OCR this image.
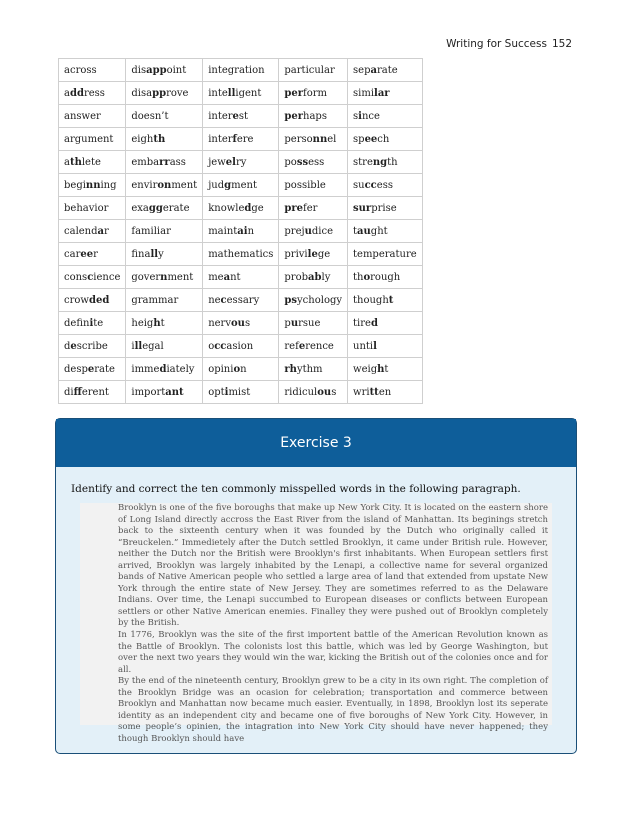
Writing for Success 152
across	disappoint	integration	particular	separate
address	disapprove	intelligent	perform	similar
answer	doesn’t	interest	perhaps	since
argument	eighth	interfere	personnel	speech
athlete	embarrass	jewelry	possess	strength
beginning	environment	judgment	possible	success
behavior	exaggerate	knowledge	prefer	surprise
calendar	familiar	maintain	prejudice	taught
career	finally	mathematics	privilege	temperature
conscience	government	meant	probably	thorough
crowded	grammar	necessary	psychology	thought
definite	height	nervous	pursue	tired
describe	illegal	occasion	reference	until
desperate	immediately	opinion	rhythm	weight
different	important	optimist	ridiculous	written
Exercise 3
Identify and correct the ten commonly misspelled words in the following paragraph.

Brooklyn is one of the five boroughs that make up New York City. It is located on the eastern shore of Long Island directly accross the East River from the island of Manhattan. Its beginings stretch back to the sixteenth century when it was founded by the Dutch who originally called it “Breuckelen.” Immedietely after the Dutch settled Brooklyn, it came under British rule. However, neither the Dutch nor the British were Brooklyn's first inhabitants. When European settlers first arrived, Brooklyn was largely inhabited by the Lenapi, a collective name for several organized bands of Native American people who settled a large area of land that extended from upstate New York through the entire state of New Jersey. They are sometimes referred to as the Delaware Indians. Over time, the Lenapi succumbed to European diseases or conflicts between European settlers or other Native American enemies. Finalley they were pushed out of Brooklyn completely by the British.

In 1776, Brooklyn was the site of the first importent battle of the American Revolution known as the Battle of Brooklyn. The colonists lost this battle, which was led by George Washington, but over the next two years they would win the war, kicking the British out of the colonies once and for all.

By the end of the nineteenth century, Brooklyn grew to be a city in its own right. The completion of the Brooklyn Bridge was an ocasion for celebration; transportation and commerce between Brooklyn and Manhattan now became much easier. Eventually, in 1898, Brooklyn lost its seperate identity as an independent city and became one of five boroughs of New York City. However, in some people’s opinien, the intagration into New York City should have never happened; they though Brooklyn should have
